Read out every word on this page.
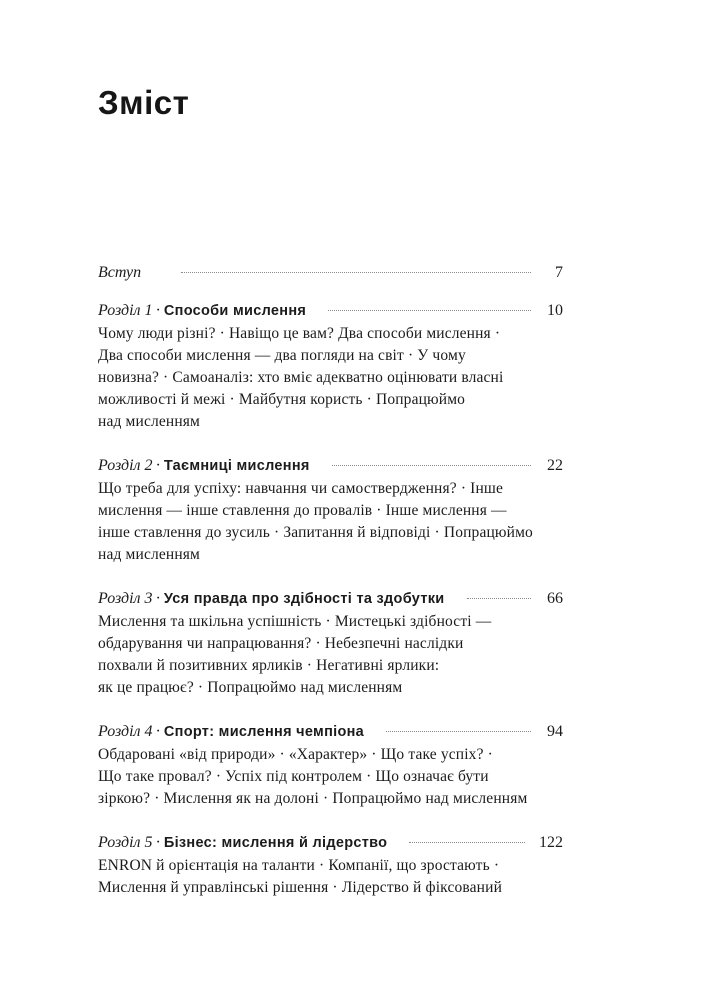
Зміст
Вступ	7
Розділ 1 · Способи мислення	10
Чому люди різні? · Навіщо це вам? Два способи мислення ·
Два способи мислення — два погляди на світ · У чому
новизна? · Самоаналіз: хто вміє адекватно оцінювати власні
можливості й межі · Майбутня користь · Попрацюймо
над мисленням
Розділ 2 · Таємниці мислення	22
Що треба для успіху: навчання чи самоствердження? · Інше
мислення — інше ставлення до провалів · Інше мислення —
інше ставлення до зусиль · Запитання й відповіді · Попрацюймо
над мисленням
Розділ 3 · Уся правда про здібності та здобутки	66
Мислення та шкільна успішність · Мистецькі здібності —
обдарування чи напрацювання? · Небезпечні наслідки
похвали й позитивних ярликів · Негативні ярлики:
як це працює? · Попрацюймо над мисленням
Розділ 4 · Спорт: мислення чемпіона	94
Обдаровані «від природи» · «Характер» · Що таке успіх? ·
Що таке провал? · Успіх під контролем · Що означає бути
зіркою? · Мислення як на долоні · Попрацюймо над мисленням
Розділ 5 · Бізнес: мислення й лідерство	122
ENRON й орієнтація на таланти · Компанії, що зростають ·
Мислення й управлінські рішення · Лідерство й фіксований
